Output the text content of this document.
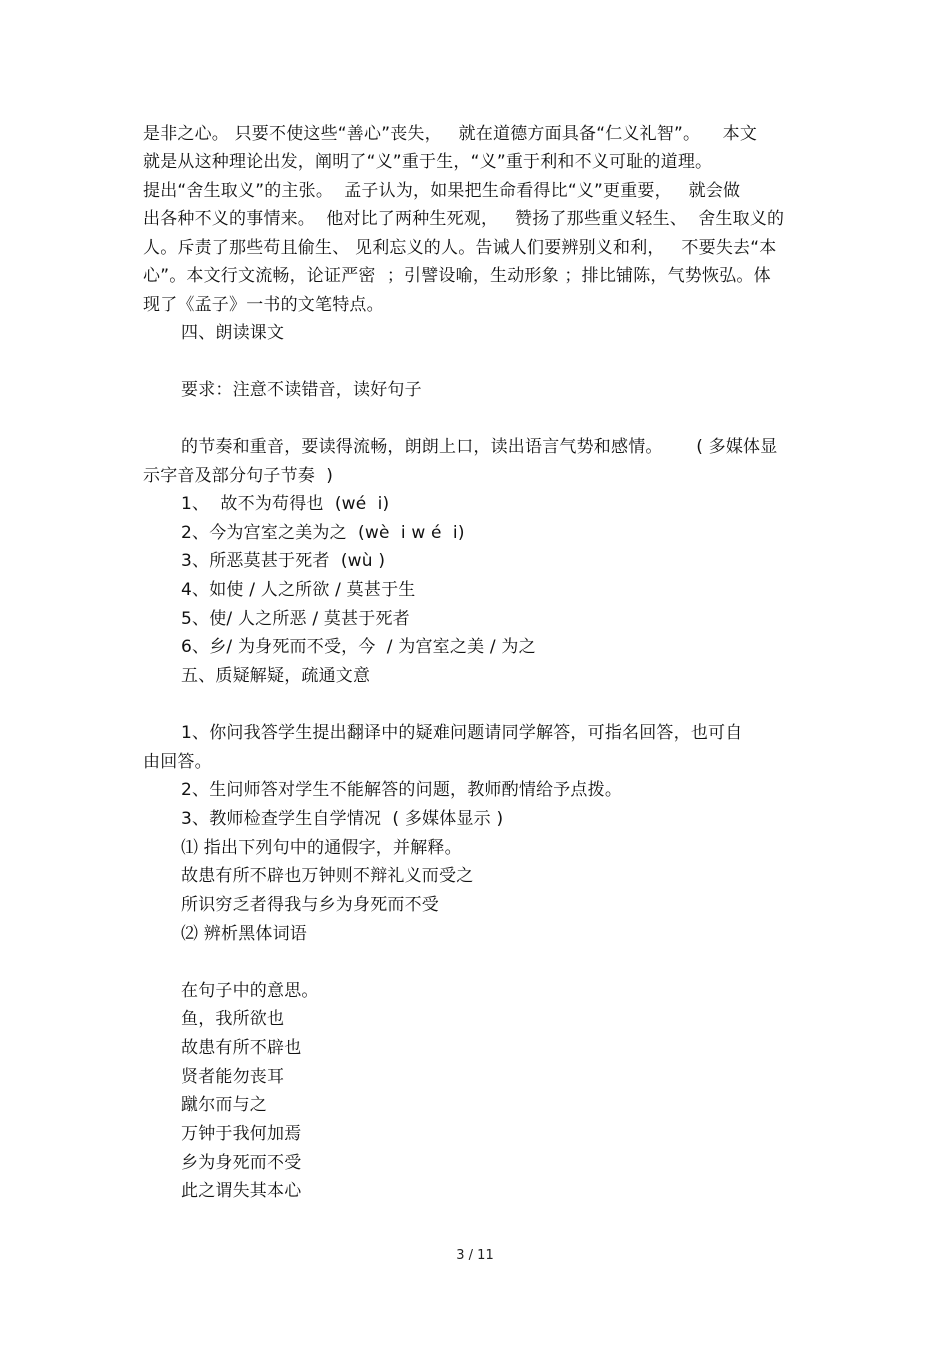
是非之心。 只要不使这些“善心”丧失，   就在道德方面具备“仁义礼智”。    本文
就是从这种理论出发，阐明了“义”重于生，“义”重于利和不义可耻的道理。
提出“舍生取义”的主张。  孟子认为，如果把生命看得比“义”更重要，   就会做
出各种不义的事情来。  他对比了两种生死观，   赞扬了那些重义轻生、  舍生取义的
人。斥责了那些苟且偷生、 见利忘义的人。告诫人们要辨别义和利，   不要失去“本
心”。本文行文流畅，论证严密  ；引譬设喻，生动形象 ；排比铺陈，气势恢弘。体
现了《孟子》一书的文笔特点。
四、朗读课文
要求：注意不读错音，读好句子
的节奏和重音，要读得流畅，朗朗上口，读出语言气势和感情。      ( 多媒体显
示字音及部分句子节奏  )
1、  故不为苟得也  (wé  i)
2、今为宫室之美为之  (wè  i w é  i)
3、所恶莫甚于死者  (wù )
4、如使 / 人之所欲 / 莫甚于生
5、使/ 人之所恶 / 莫甚于死者
6、乡/ 为身死而不受，今  / 为宫室之美 / 为之
五、质疑解疑，疏通文意
1、你问我答学生提出翻译中的疑难问题请同学解答，可指名回答，也可自
由回答。
2、生问师答对学生不能解答的问题，教师酌情给予点拨。
3、教师检查学生自学情况  ( 多媒体显示 )
⑴ 指出下列句中的通假字，并解释。
故患有所不辟也万钟则不辩礼义而受之
所识穷乏者得我与乡为身死而不受
⑵ 辨析黑体词语
在句子中的意思。
鱼，我所欲也
故患有所不辟也
贤者能勿丧耳
蹴尔而与之
万钟于我何加焉
乡为身死而不受
此之谓失其本心
3 / 11
